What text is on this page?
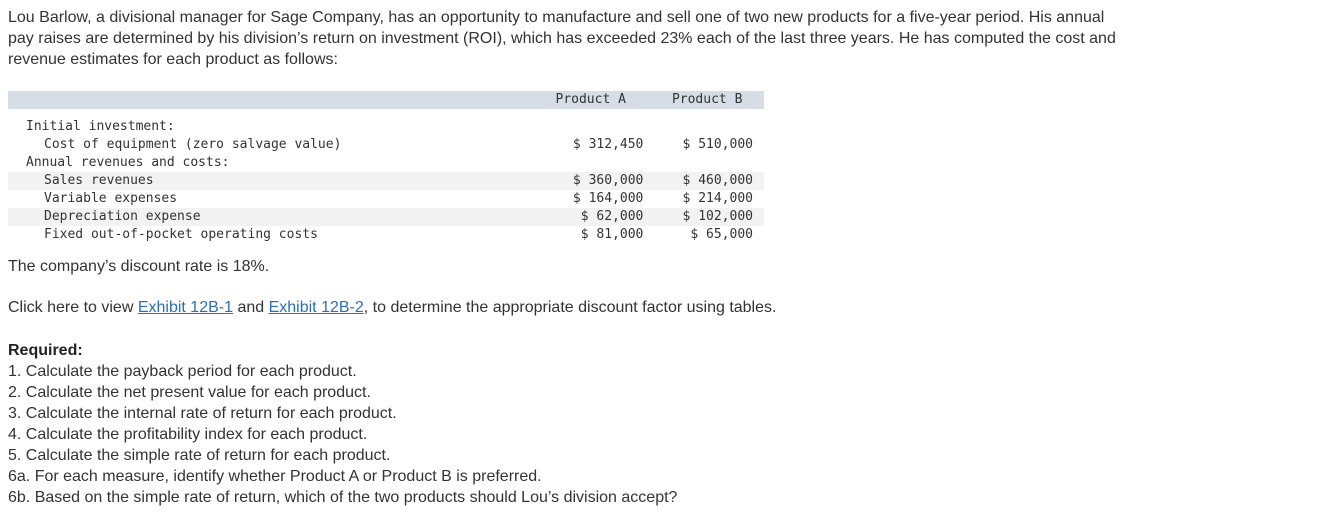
Lou Barlow, a divisional manager for Sage Company, has an opportunity to manufacture and sell one of two new products for a five-year period. His annual pay raises are determined by his division’s return on investment (ROI), which has exceeded 23% each of the last three years. He has computed the cost and revenue estimates for each product as follows:

	Product A	Product B

Initial investment:		
Cost of equipment (zero salvage value)	$ 312,450	$ 510,000
Annual revenues and costs:		
Sales revenues	$ 360,000	$ 460,000
Variable expenses	$ 164,000	$ 214,000
Depreciation expense	$ 62,000	$ 102,000
Fixed out-of-pocket operating costs	$ 81,000	$ 65,000

The company’s discount rate is 18%.

Click here to view Exhibit 12B-1 and Exhibit 12B-2, to determine the appropriate discount factor using tables.

Required:
1. Calculate the payback period for each product.
2. Calculate the net present value for each product.
3. Calculate the internal rate of return for each product.
4. Calculate the profitability index for each product.
5. Calculate the simple rate of return for each product.
6a. For each measure, identify whether Product A or Product B is preferred.
6b. Based on the simple rate of return, which of the two products should Lou’s division accept?
